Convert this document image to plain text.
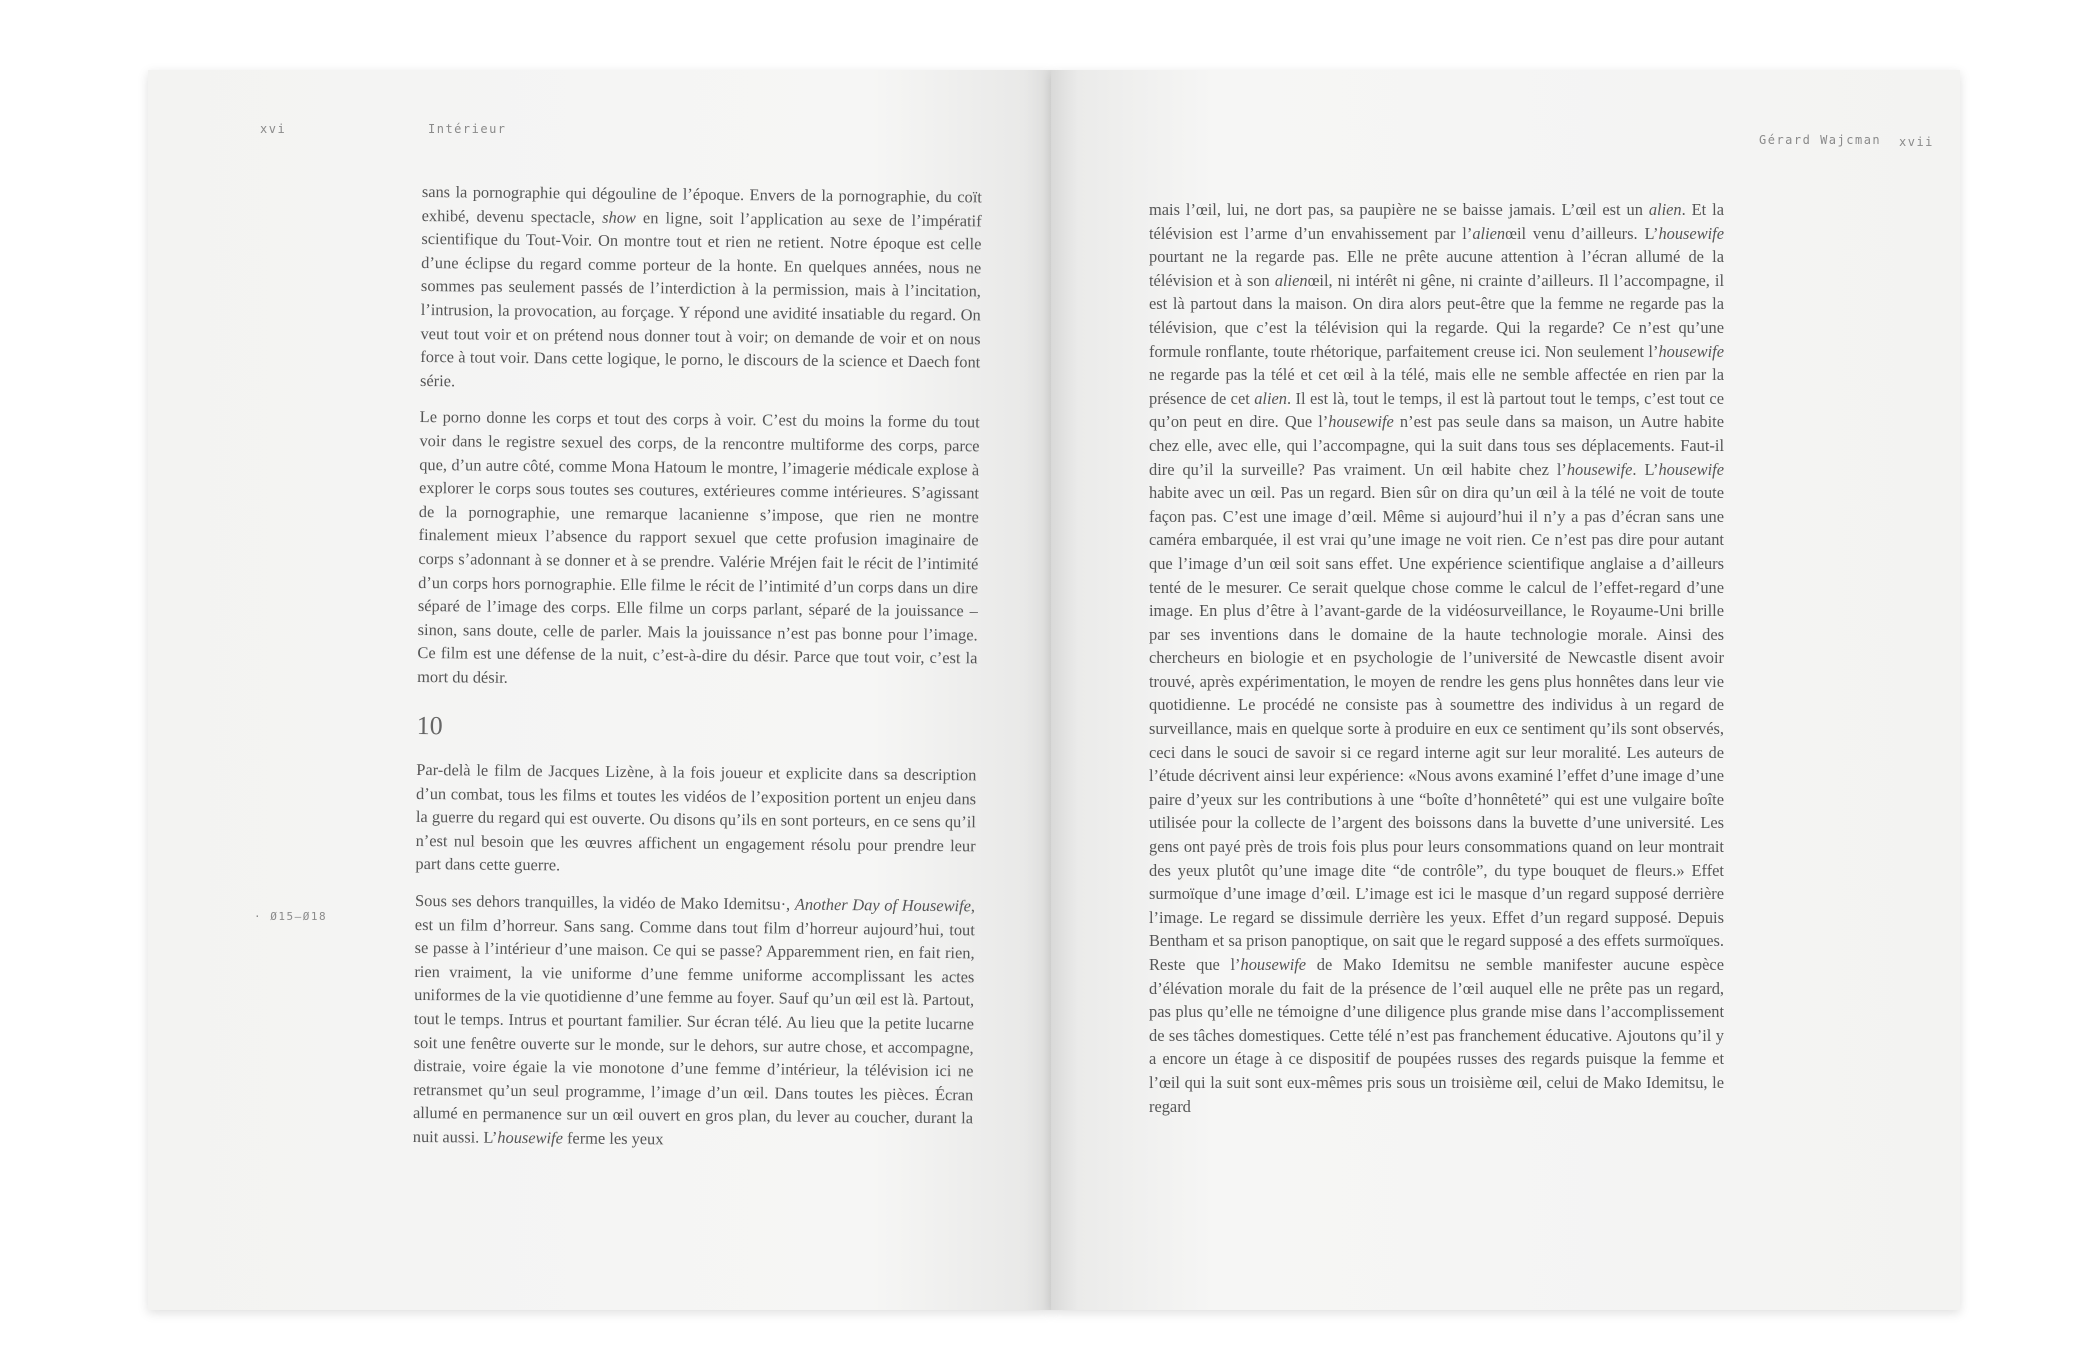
xvi	Intérieur
· Ø15–Ø18

sans la pornographie qui dégouline de l’époque. Envers de la pornographie, du coït exhibé, devenu spectacle, show en ligne, soit l’application au sexe de l’impératif scientifique du Tout-Voir. On montre tout et rien ne retient. Notre époque est celle d’une éclipse du regard comme porteur de la honte. En quelques années, nous ne sommes pas seulement passés de l’interdiction à la permission, mais à l’incitation, l’intrusion, la provocation, au forçage. Y répond une avidité insatiable du regard. On veut tout voir et on prétend nous donner tout à voir; on demande de voir et on nous force à tout voir. Dans cette logique, le porno, le discours de la science et Daech font série.

Le porno donne les corps et tout des corps à voir. C’est du moins la forme du tout voir dans le registre sexuel des corps, de la rencontre multiforme des corps, parce que, d’un autre côté, comme Mona Hatoum le montre, l’imagerie médicale explose à explorer le corps sous toutes ses coutures, extérieures comme intérieures. S’agissant de la pornographie, une remarque lacanienne s’impose, que rien ne montre finalement mieux l’absence du rapport sexuel que cette profusion imaginaire de corps s’adonnant à se donner et à se prendre. Valérie Mréjen fait le récit de l’intimité d’un corps hors pornographie. Elle filme le récit de l’intimité d’un corps dans un dire séparé de l’image des corps. Elle filme un corps parlant, séparé de la jouissance – sinon, sans doute, celle de parler. Mais la jouissance n’est pas bonne pour l’image. Ce film est une défense de la nuit, c’est-à-dire du désir. Parce que tout voir, c’est la mort du désir.

10

Par-delà le film de Jacques Lizène, à la fois joueur et explicite dans sa description d’un combat, tous les films et toutes les vidéos de l’exposition portent un enjeu dans la guerre du regard qui est ouverte. Ou disons qu’ils en sont porteurs, en ce sens qu’il n’est nul besoin que les œuvres affichent un engagement résolu pour prendre leur part dans cette guerre.

Sous ses dehors tranquilles, la vidéo de Mako Idemitsu·, Another Day of Housewife, est un film d’horreur. Sans sang. Comme dans tout film d’horreur aujourd’hui, tout se passe à l’intérieur d’une maison. Ce qui se passe? Apparemment rien, en fait rien, rien vraiment, la vie uniforme d’une femme uniforme accomplissant les actes uniformes de la vie quotidienne d’une femme au foyer. Sauf qu’un œil est là. Partout, tout le temps. Intrus et pourtant familier. Sur écran télé. Au lieu que la petite lucarne soit une fenêtre ouverte sur le monde, sur le dehors, sur autre chose, et accompagne, distraie, voire égaie la vie monotone d’une femme d’intérieur, la télévision ici ne retransmet qu’un seul programme, l’image d’un œil. Dans toutes les pièces. Écran allumé en permanence sur un œil ouvert en gros plan, du lever au coucher, durant la nuit aussi. L’housewife ferme les yeux

Gérard Wajcman xvii

mais l’œil, lui, ne dort pas, sa paupière ne se baisse jamais. L’œil est un alien. Et la télévision est l’arme d’un envahissement par l’alienœil venu d’ailleurs. L’housewife pourtant ne la regarde pas. Elle ne prête aucune attention à l’écran allumé de la télévision et à son alienœil, ni intérêt ni gêne, ni crainte d’ailleurs. Il l’accompagne, il est là partout dans la maison. On dira alors peut-être que la femme ne regarde pas la télévision, que c’est la télévision qui la regarde. Qui la regarde? Ce n’est qu’une formule ronflante, toute rhétorique, parfaitement creuse ici. Non seulement l’housewife ne regarde pas la télé et cet œil à la télé, mais elle ne semble affectée en rien par la présence de cet alien. Il est là, tout le temps, il est là partout tout le temps, c’est tout ce qu’on peut en dire. Que l’housewife n’est pas seule dans sa maison, un Autre habite chez elle, avec elle, qui l’accompagne, qui la suit dans tous ses déplacements. Faut-il dire qu’il la surveille? Pas vraiment. Un œil habite chez l’housewife. L’housewife habite avec un œil. Pas un regard. Bien sûr on dira qu’un œil à la télé ne voit de toute façon pas. C’est une image d’œil. Même si aujourd’hui il n’y a pas d’écran sans une caméra embarquée, il est vrai qu’une image ne voit rien. Ce n’est pas dire pour autant que l’image d’un œil soit sans effet. Une expérience scientifique anglaise a d’ailleurs tenté de le mesurer. Ce serait quelque chose comme le calcul de l’effet-regard d’une image. En plus d’être à l’avant-garde de la vidéosurveillance, le Royaume-Uni brille par ses inventions dans le domaine de la haute technologie morale. Ainsi des chercheurs en biologie et en psychologie de l’université de Newcastle disent avoir trouvé, après expérimentation, le moyen de rendre les gens plus honnêtes dans leur vie quotidienne. Le procédé ne consiste pas à soumettre des individus à un regard de surveillance, mais en quelque sorte à produire en eux ce sentiment qu’ils sont observés, ceci dans le souci de savoir si ce regard interne agit sur leur moralité. Les auteurs de l’étude décrivent ainsi leur expérience: «Nous avons examiné l’effet d’une image d’une paire d’yeux sur les contributions à une “boîte d’honnêteté” qui est une vulgaire boîte utilisée pour la collecte de l’argent des boissons dans la buvette d’une université. Les gens ont payé près de trois fois plus pour leurs consommations quand on leur montrait des yeux plutôt qu’une image dite “de contrôle”, du type bouquet de fleurs.» Effet surmoïque d’une image d’œil. L’image est ici le masque d’un regard supposé derrière l’image. Le regard se dissimule derrière les yeux. Effet d’un regard supposé. Depuis Bentham et sa prison panoptique, on sait que le regard supposé a des effets surmoïques. Reste que l’housewife de Mako Idemitsu ne semble manifester aucune espèce d’élévation morale du fait de la présence de l’œil auquel elle ne prête pas un regard, pas plus qu’elle ne témoigne d’une diligence plus grande mise dans l’accomplissement de ses tâches domestiques. Cette télé n’est pas franchement éducative. Ajoutons qu’il y a encore un étage à ce dispositif de poupées russes des regards puisque la femme et l’œil qui la suit sont eux-mêmes pris sous un troisième œil, celui de Mako Idemitsu, le regard
